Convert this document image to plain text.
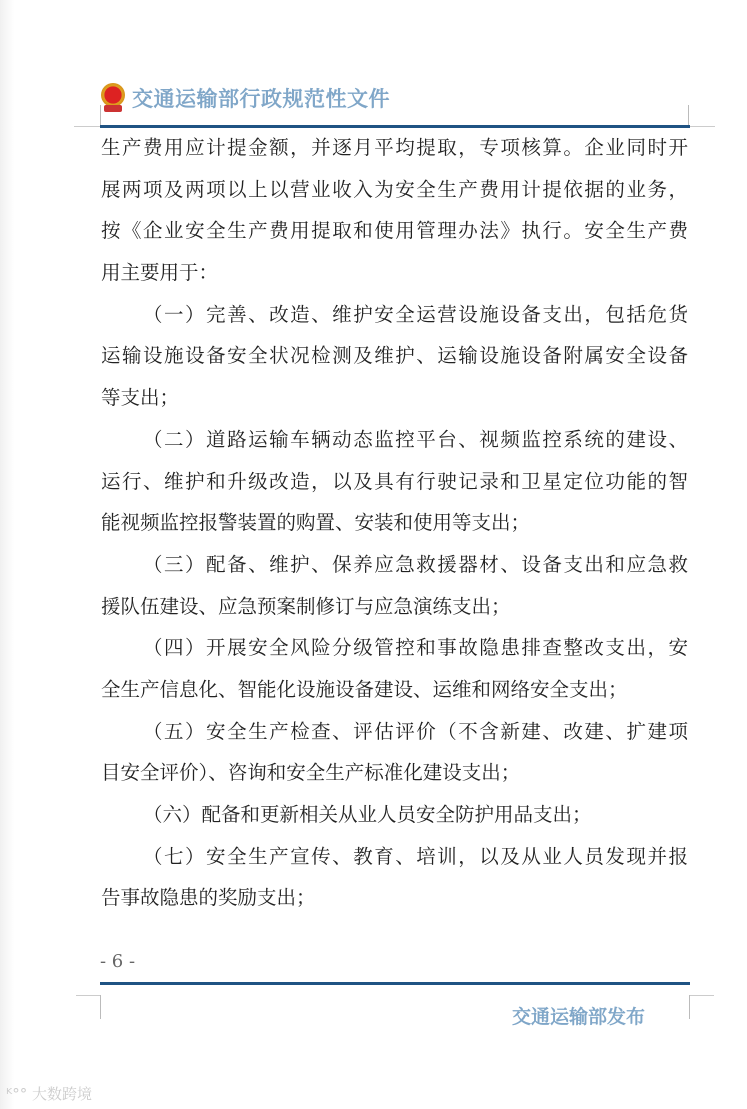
交通运输部行政规范性文件
生产费用应计提金额，并逐月平均提取，专项核算。企业同时开
展两项及两项以上以营业收入为安全生产费用计提依据的业务，
按《企业安全生产费用提取和使用管理办法》执行。安全生产费
用主要用于：
（一）完善、改造、维护安全运营设施设备支出，包括危货
运输设施设备安全状况检测及维护、运输设施设备附属安全设备
等支出；
（二）道路运输车辆动态监控平台、视频监控系统的建设、
运行、维护和升级改造，以及具有行驶记录和卫星定位功能的智
能视频监控报警装置的购置、安装和使用等支出；
（三）配备、维护、保养应急救援器材、设备支出和应急救
援队伍建设、应急预案制修订与应急演练支出；
（四）开展安全风险分级管控和事故隐患排查整改支出，安
全生产信息化、智能化设施设备建设、运维和网络安全支出；
（五）安全生产检查、评估评价（不含新建、改建、扩建项
目安全评价）、咨询和安全生产标准化建设支出；
（六）配备和更新相关从业人员安全防护用品支出；
（七）安全生产宣传、教育、培训，以及从业人员发现并报
告事故隐患的奖励支出；
- 6 -
交通运输部发布
ᴷ°° 大数跨境
